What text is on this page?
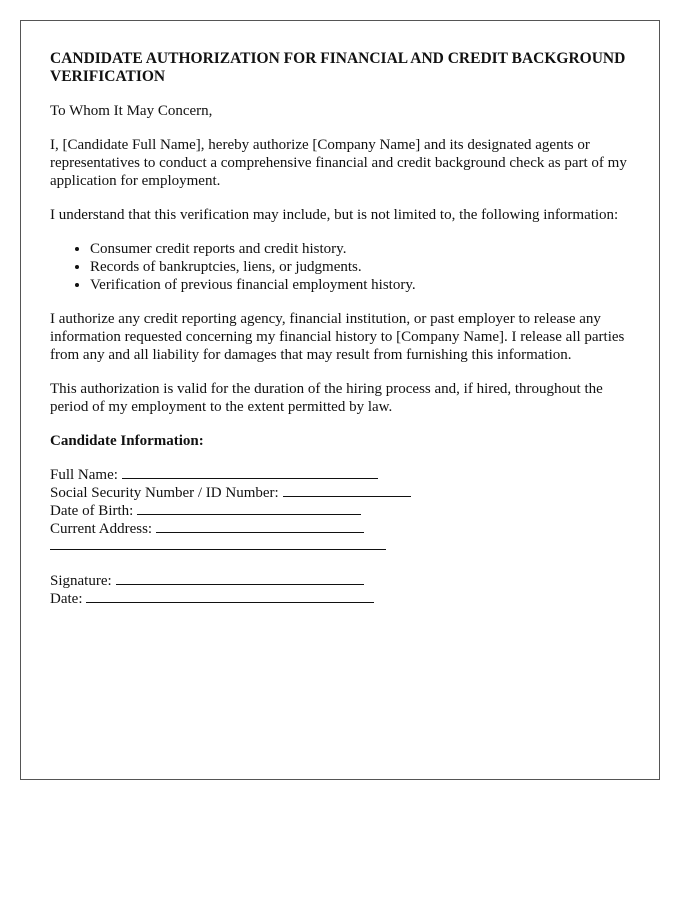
CANDIDATE AUTHORIZATION FOR FINANCIAL AND CREDIT BACKGROUND VERIFICATION

To Whom It May Concern,

I, [Candidate Full Name], hereby authorize [Company Name] and its designated agents or representatives to conduct a comprehensive financial and credit background check as part of my application for employment.

I understand that this verification may include, but is not limited to, the following information:

• Consumer credit reports and credit history.
• Records of bankruptcies, liens, or judgments.
• Verification of previous financial employment history.

I authorize any credit reporting agency, financial institution, or past employer to release any information requested concerning my financial history to [Company Name]. I release all parties from any and all liability for damages that may result from furnishing this information.

This authorization is valid for the duration of the hiring process and, if hired, throughout the period of my employment to the extent permitted by law.

Candidate Information:
Full Name:
Social Security Number / ID Number:
Date of Birth:
Current Address:
Signature:
Date:
